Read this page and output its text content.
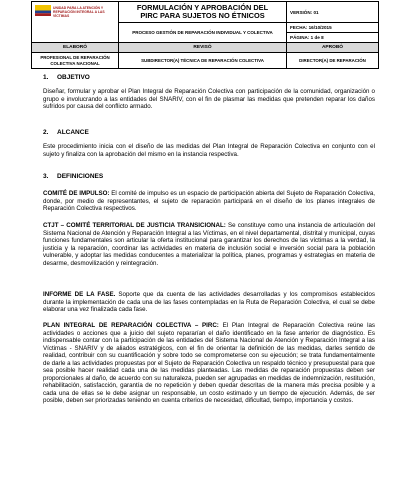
UNIDAD PARA LA ATENCIÓN Y REPARACIÓN INTEGRAL A LAS VÍCTIMAS	FORMULACIÓN Y APROBACIÓN DEL
PIRC PARA SUJETOS NO ÉTNICOS	VERSIÓN: 01
	PROCESO GESTIÓN DE REPARACIÓN INDIVIDUAL Y COLECTIVA	FECHA: 16/10/2015
		PÁGINA: 1 de 8
ELABORÓ	REVISÓ	APROBÓ
PROFESIONAL DE REPARACIÓN COLECTIVA NACIONAL	SUBDIRECTOR(A) TÉCNICA DE REPARACIÓN COLECTIVA	DIRECTOR(A) DE REPARACIÓN
1. OBJETIVO

Diseñar, formular y aprobar el Plan Integral de Reparación Colectiva con participación de la comunidad, organización o grupo e involucrando a las entidades del SNARIV, con el fin de plasmar las medidas que pretenden reparar los daños sufridos por causa del conflicto armado.

2. ALCANCE

Este procedimiento inicia con el diseño de las medidas del Plan Integral de Reparación Colectiva en conjunto con el sujeto y finaliza con la aprobación del mismo en la instancia respectiva.

3. DEFINICIONES

COMITÉ DE IMPULSO: El comité de impulso es un espacio de participación abierta del Sujeto de Reparación Colectiva, donde, por medio de representantes, el sujeto de reparación participará en el diseño de los planes integrales de Reparación Colectiva respectivos.

CTJT – COMITÉ TERRITORIAL DE JUSTICIA TRANSICIONAL: Se constituye como una instancia de articulación del Sistema Nacional de Atención y Reparación Integral a las Víctimas, en el nivel departamental, distrital y municipal, cuyas funciones fundamentales son articular la oferta institucional para garantizar los derechos de las víctimas a la verdad, la justicia y la reparación, coordinar las actividades en materia de inclusión social e inversión social para la población vulnerable, y adoptar las medidas conducentes a materializar la política, planes, programas y estrategias en materia de desarme, desmovilización y reintegración.

INFORME DE LA FASE. Soporte que da cuenta de las actividades desarrolladas y los compromisos establecidos durante la implementación de cada una de las fases contempladas en la Ruta de Reparación Colectiva, el cual se debe elaborar una vez finalizada cada fase.

PLAN INTEGRAL DE REPARACIÓN COLECTIVA – PIRC: El Plan Integral de Reparación Colectiva reúne las actividades o acciones que a juicio del sujeto repararían el daño identificado en la fase anterior de diagnóstico. Es indispensable contar con la participación de las entidades del Sistema Nacional de Atención y Reparación Integral a las Víctimas - SNARIV y de aliados estratégicos, con el fin de orientar la definición de las medidas, darles sentido de realidad, contribuir con su cuantificación y sobre todo se comprometerse con su ejecución; se trata fundamentalmente de darle a las actividades propuestas por el Sujeto de Reparación Colectiva un respaldo técnico y presupuestal para que sea posible hacer realidad cada una de las medidas planteadas. Las medidas de reparación propuestas deben ser proporcionales al daño, de acuerdo con su naturaleza, pueden ser agrupadas en medidas de indemnización, restitución, rehabilitación, satisfacción, garantía de no repetición y deben quedar descritas de la manera más precisa posible y a cada una de ellas se le debe asignar un responsable, un costo estimado y un tiempo de ejecución. Además, de ser posible, deben ser priorizadas teniendo en cuenta criterios de necesidad, dificultad, tiempo, importancia y costos.
